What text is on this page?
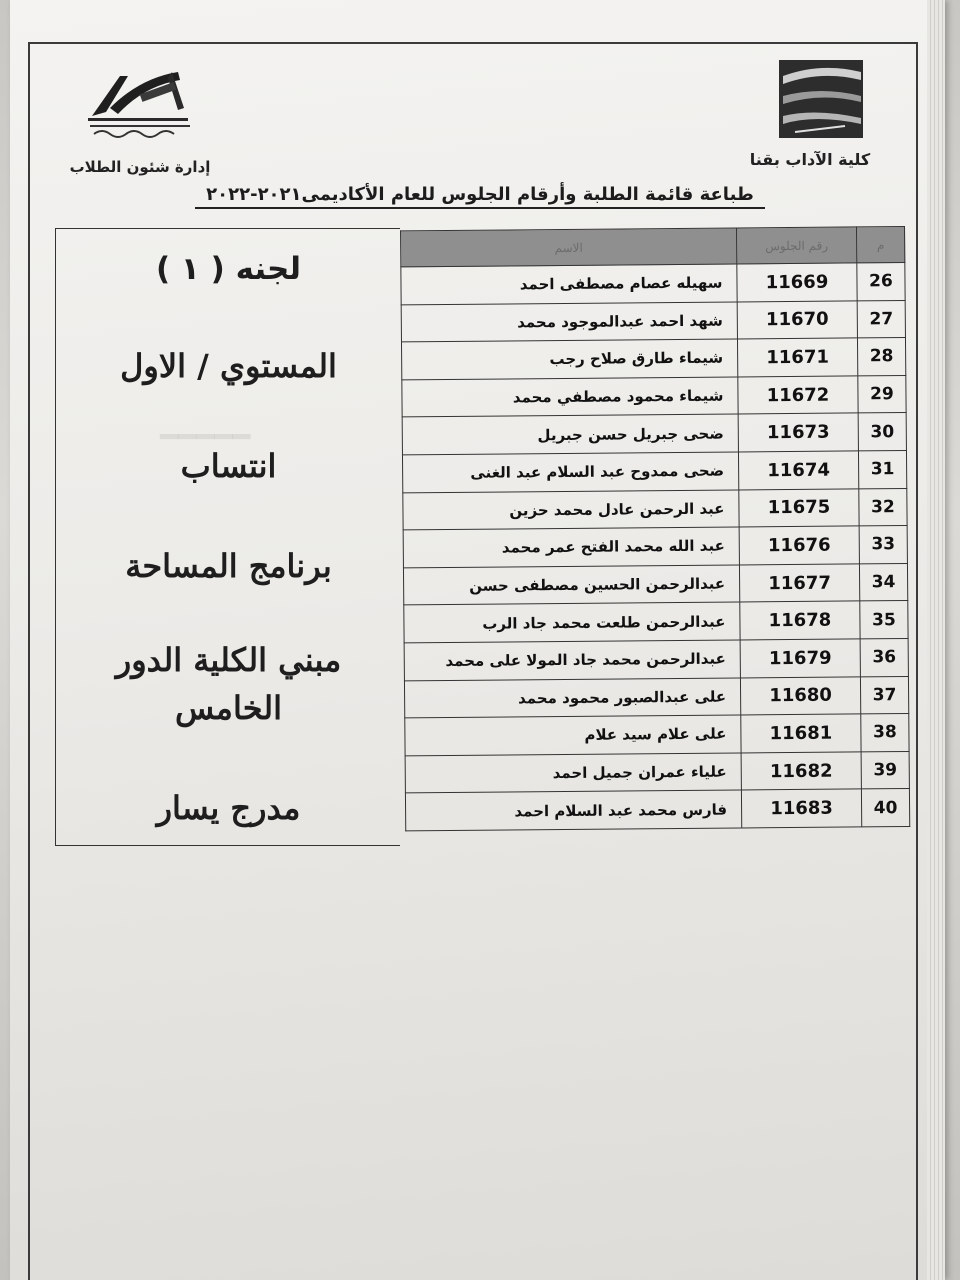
━━━━━
إدارة شئون الطلاب	كلية الآداب بقنا
طباعة قائمة الطلبة وأرقام الجلوس للعام الأكاديمى٢٠٢١-٢٠٢٢
لجنه ( ١ )
المستوي / الاول
انتساب
برنامج المساحة
مبني الكلية الدور
الخامس
مدرج يسار
م	رقم الجلوس	الاسم
26	11669	سهيله عصام مصطفى احمد
27	11670	شهد احمد عبدالموجود محمد
28	11671	شيماء طارق صلاح رجب
29	11672	شيماء محمود مصطفي محمد
30	11673	ضحى جبريل حسن جبريل
31	11674	ضحى ممدوح عبد السلام عبد الغنى
32	11675	عبد الرحمن عادل محمد حزين
33	11676	عبد الله محمد الفتح عمر محمد
34	11677	عبدالرحمن الحسين مصطفى حسن
35	11678	عبدالرحمن طلعت محمد جاد الرب
36	11679	عبدالرحمن محمد جاد المولا على محمد
37	11680	على عبدالصبور محمود محمد
38	11681	على علام سيد علام
39	11682	علياء عمران جميل احمد
40	11683	فارس محمد عبد السلام احمد
